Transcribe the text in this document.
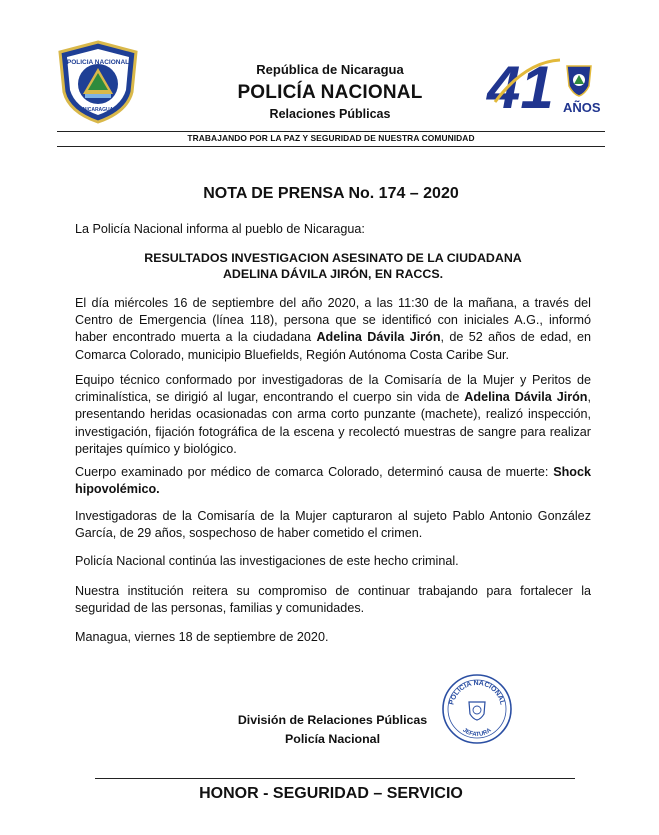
POLICIA NACIONAL
NICARAGUA
República de Nicaragua
POLICÍA NACIONAL
Relaciones Públicas	41 AÑOS
TRABAJANDO POR LA PAZ Y SEGURIDAD DE NUESTRA COMUNIDAD
NOTA DE PRENSA No. 174 – 2020
La Policía Nacional informa al pueblo de Nicaragua:
RESULTADOS INVESTIGACION ASESINATO DE LA CIUDADANA
ADELINA DÁVILA JIRÓN, EN RACCS.

El día miércoles 16 de septiembre del año 2020, a las 11:30 de la mañana, a través del Centro de Emergencia (línea 118), persona que se identificó con iniciales A.G., informó haber encontrado muerta a la ciudadana Adelina Dávila Jirón, de 52 años de edad, en Comarca Colorado, municipio Bluefields, Región Autónoma Costa Caribe Sur.

Equipo técnico conformado por investigadoras de la Comisaría de la Mujer y Peritos de criminalística, se dirigió al lugar, encontrando el cuerpo sin vida de Adelina Dávila Jirón, presentando heridas ocasionadas con arma corto punzante (machete), realizó inspección, investigación, fijación fotográfica de la escena y recolectó muestras de sangre para realizar peritajes químico y biológico.

Cuerpo examinado por médico de comarca Colorado, determinó causa de muerte: Shock hipovolémico.

Investigadoras de la Comisaría de la Mujer capturaron al sujeto Pablo Antonio González García, de 29 años, sospechoso de haber cometido el crimen.

Policía Nacional continúa las investigaciones de este hecho criminal.

Nuestra institución reitera su compromiso de continuar trabajando para fortalecer la seguridad de las personas, familias y comunidades.

Managua, viernes 18 de septiembre de 2020.

POLICIA NACIONAL
JEFATURA
División de Relaciones Públicas
Policía Nacional
HONOR - SEGURIDAD – SERVICIO
